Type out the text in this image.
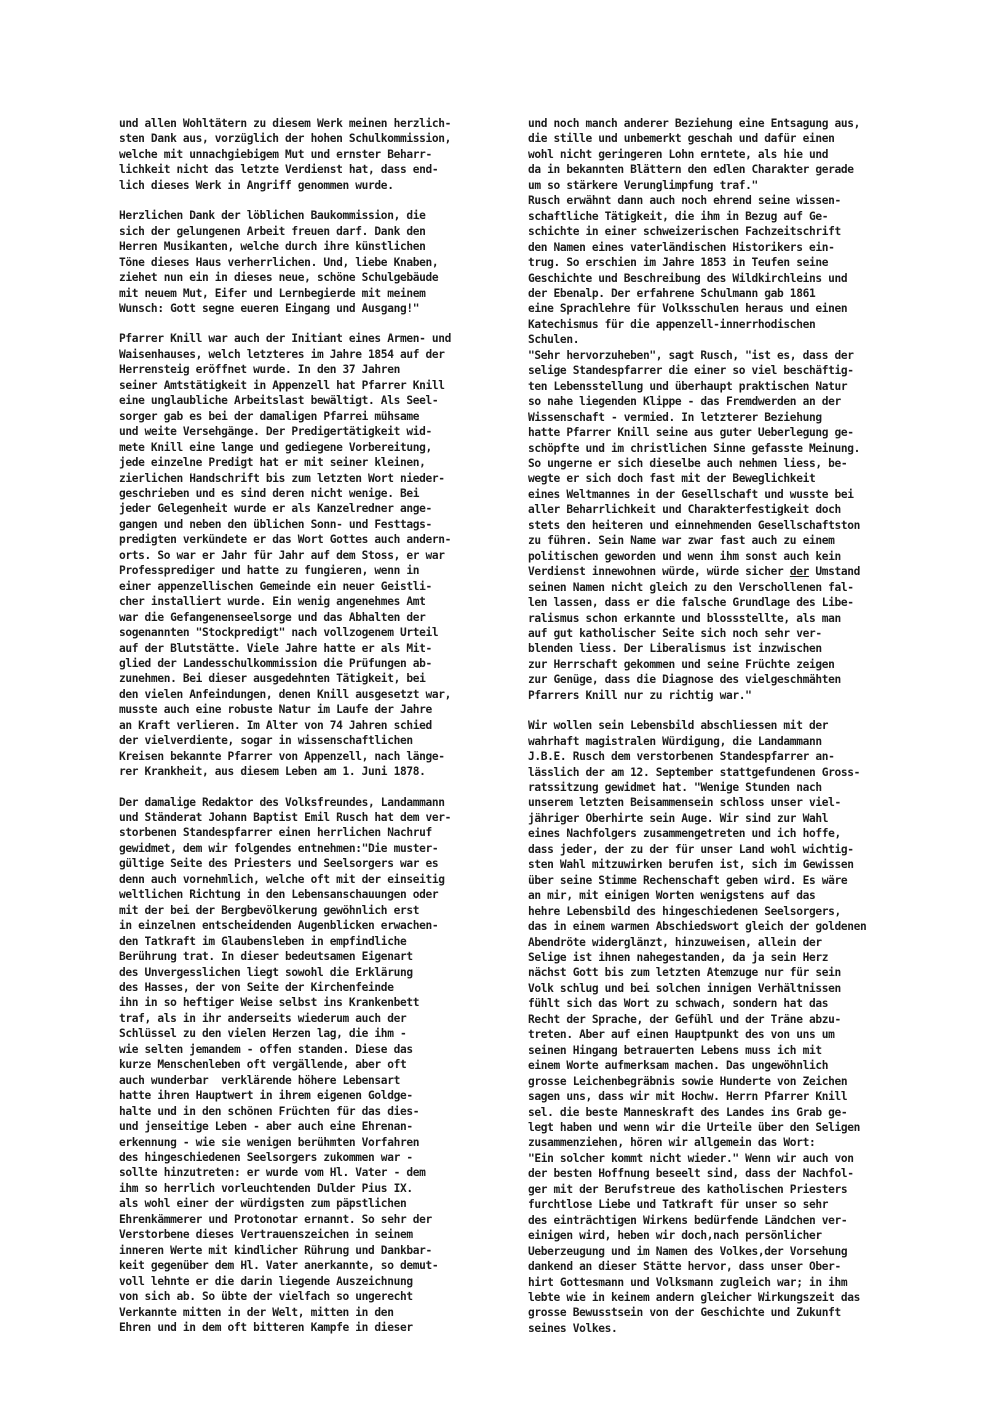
und allen Wohltätern zu diesem Werk meinen herzlich-
sten Dank aus, vorzüglich der hohen Schulkommission,
welche mit unnachgiebigem Mut und ernster Beharr-
lichkeit nicht das letzte Verdienst hat, dass end-
lich dieses Werk in Angriff genommen wurde.
Herzlichen Dank der löblichen Baukommission, die
sich der gelungenen Arbeit freuen darf. Dank den
Herren Musikanten, welche durch ihre künstlichen
Töne dieses Haus verherrlichen. Und, liebe Knaben,
ziehet nun ein in dieses neue, schöne Schulgebäude
mit neuem Mut, Eifer und Lernbegierde mit meinem
Wunsch: Gott segne eueren Eingang und Ausgang!"
Pfarrer Knill war auch der Initiant eines Armen- und
Waisenhauses, welch letzteres im Jahre 1854 auf der
Herrensteig eröffnet wurde. In den 37 Jahren
seiner Amtstätigkeit in Appenzell hat Pfarrer Knill
eine unglaubliche Arbeitslast bewältigt. Als Seel-
sorger gab es bei der damaligen Pfarrei mühsame
und weite Versehgänge. Der Predigertätigkeit wid-
mete Knill eine lange und gediegene Vorbereitung,
jede einzelne Predigt hat er mit seiner kleinen,
zierlichen Handschrift bis zum letzten Wort nieder-
geschrieben und es sind deren nicht wenige. Bei
jeder Gelegenheit wurde er als Kanzelredner ange-
gangen und neben den üblichen Sonn- und Festtags-
predigten verkündete er das Wort Gottes auch andern-
orts. So war er Jahr für Jahr auf dem Stoss, er war
Professprediger und hatte zu fungieren, wenn in
einer appenzellischen Gemeinde ein neuer Geistli-
cher installiert wurde. Ein wenig angenehmes Amt
war die Gefangenenseelsorge und das Abhalten der
sogenannten "Stockpredigt" nach vollzogenem Urteil
auf der Blutstätte. Viele Jahre hatte er als Mit-
glied der Landesschulkommission die Prüfungen ab-
zunehmen. Bei dieser ausgedehnten Tätigkeit, bei
den vielen Anfeindungen, denen Knill ausgesetzt war,
musste auch eine robuste Natur im Laufe der Jahre
an Kraft verlieren. Im Alter von 74 Jahren schied
der vielverdiente, sogar in wissenschaftlichen
Kreisen bekannte Pfarrer von Appenzell, nach länge-
rer Krankheit, aus diesem Leben am 1. Juni 1878.
Der damalige Redaktor des Volksfreundes, Landammann
und Ständerat Johann Baptist Emil Rusch hat dem ver-
storbenen Standespfarrer einen herrlichen Nachruf
gewidmet, dem wir folgendes entnehmen:"Die muster-
gültige Seite des Priesters und Seelsorgers war es
denn auch vornehmlich, welche oft mit der einseitig
weltlichen Richtung in den Lebensanschauungen oder
mit der bei der Bergbevölkerung gewöhnlich erst
in einzelnen entscheidenden Augenblicken erwachen-
den Tatkraft im Glaubensleben in empfindliche
Berührung trat. In dieser bedeutsamen Eigenart
des Unvergesslichen liegt sowohl die Erklärung
des Hasses, der von Seite der Kirchenfeinde
ihn in so heftiger Weise selbst ins Krankenbett
traf, als in ihr anderseits wiederum auch der
Schlüssel zu den vielen Herzen lag, die ihm -
wie selten jemandem - offen standen. Diese das
kurze Menschenleben oft vergällende, aber oft
auch wunderbar  verklärende höhere Lebensart
hatte ihren Hauptwert in ihrem eigenen Goldge-
halte und in den schönen Früchten für das dies-
und jenseitige Leben - aber auch eine Ehrenan-
erkennung - wie sie wenigen berühmten Vorfahren
des hingeschiedenen Seelsorgers zukommen war -
sollte hinzutreten: er wurde vom Hl. Vater - dem
ihm so herrlich vorleuchtenden Dulder Pius IX.
als wohl einer der würdigsten zum päpstlichen
Ehrenkämmerer und Protonotar ernannt. So sehr der
Verstorbene dieses Vertrauenszeichen in seinem
inneren Werte mit kindlicher Rührung und Dankbar-
keit gegenüber dem Hl. Vater anerkannte, so demut-
voll lehnte er die darin liegende Auszeichnung
von sich ab. So übte der vielfach so ungerecht
Verkannte mitten in der Welt, mitten in den
Ehren und in dem oft bitteren Kampfe in dieser
und noch manch anderer Beziehung eine Entsagung aus,
die stille und unbemerkt geschah und dafür einen
wohl nicht geringeren Lohn erntete, als hie und
da in bekannten Blättern den edlen Charakter gerade
um so stärkere Verunglimpfung traf."
Rusch erwähnt dann auch noch ehrend seine wissen-
schaftliche Tätigkeit, die ihm in Bezug auf Ge-
schichte in einer schweizerischen Fachzeitschrift
den Namen eines vaterländischen Historikers ein-
trug. So erschien im Jahre 1853 in Teufen seine
Geschichte und Beschreibung des Wildkirchleins und
der Ebenalp. Der erfahrene Schulmann gab 1861
eine Sprachlehre für Volksschulen heraus und einen
Katechismus für die appenzell-innerrhodischen
Schulen.
"Sehr hervorzuheben", sagt Rusch, "ist es, dass der
selige Standespfarrer die einer so viel beschäftig-
ten Lebensstellung und überhaupt praktischen Natur
so nahe liegenden Klippe - das Fremdwerden an der
Wissenschaft - vermied. In letzterer Beziehung
hatte Pfarrer Knill seine aus guter Ueberlegung ge-
schöpfte und im christlichen Sinne gefasste Meinung.
So ungerne er sich dieselbe auch nehmen liess, be-
wegte er sich doch fast mit der Beweglichkeit
eines Weltmannes in der Gesellschaft und wusste bei
aller Beharrlichkeit und Charakterfestigkeit doch
stets den heiteren und einnehmenden Gesellschaftston
zu führen. Sein Name war zwar fast auch zu einem
politischen geworden und wenn ihm sonst auch kein
Verdienst innewohnen würde, würde sicher der Umstand
seinen Namen nicht gleich zu den Verschollenen fal-
len lassen, dass er die falsche Grundlage des Libe-
ralismus schon erkannte und blossstellte, als man
auf gut katholischer Seite sich noch sehr ver-
blenden liess. Der Liberalismus ist inzwischen
zur Herrschaft gekommen und seine Früchte zeigen
zur Genüge, dass die Diagnose des vielgeschmähten
Pfarrers Knill nur zu richtig war."
Wir wollen sein Lebensbild abschliessen mit der
wahrhaft magistralen Würdigung, die Landammann
J.B.E. Rusch dem verstorbenen Standespfarrer an-
lässlich der am 12. September stattgefundenen Gross-
ratssitzung gewidmet hat. "Wenige Stunden nach
unserem letzten Beisammensein schloss unser viel-
jähriger Oberhirte sein Auge. Wir sind zur Wahl
eines Nachfolgers zusammengetreten und ich hoffe,
dass jeder, der zu der für unser Land wohl wichtig-
sten Wahl mitzuwirken berufen ist, sich im Gewissen
über seine Stimme Rechenschaft geben wird. Es wäre
an mir, mit einigen Worten wenigstens auf das
hehre Lebensbild des hingeschiedenen Seelsorgers,
das in einem warmen Abschiedswort gleich der goldenen
Abendröte widerglänzt, hinzuweisen, allein der
Selige ist ihnen nahegestanden, da ja sein Herz
nächst Gott bis zum letzten Atemzuge nur für sein
Volk schlug und bei solchen innigen Verhältnissen
fühlt sich das Wort zu schwach, sondern hat das
Recht der Sprache, der Gefühl und der Träne abzu-
treten. Aber auf einen Hauptpunkt des von uns um
seinen Hingang betrauerten Lebens muss ich mit
einem Worte aufmerksam machen. Das ungewöhnlich
grosse Leichenbegräbnis sowie Hunderte von Zeichen
sagen uns, dass wir mit Hochw. Herrn Pfarrer Knill
sel. die beste Manneskraft des Landes ins Grab ge-
legt haben und wenn wir die Urteile über den Seligen
zusammenziehen, hören wir allgemein das Wort:
"Ein solcher kommt nicht wieder." Wenn wir auch von
der besten Hoffnung beseelt sind, dass der Nachfol-
ger mit der Berufstreue des katholischen Priesters
furchtlose Liebe und Tatkraft für unser so sehr
des einträchtigen Wirkens bedürfende Ländchen ver-
einigen wird, heben wir doch,nach persönlicher
Ueberzeugung und im Namen des Volkes,der Vorsehung
dankend an dieser Stätte hervor, dass unser Ober-
hirt Gottesmann und Volksmann zugleich war; in ihm
lebte wie in keinem andern gleicher Wirkungszeit das
grosse Bewusstsein von der Geschichte und Zukunft
seines Volkes.
